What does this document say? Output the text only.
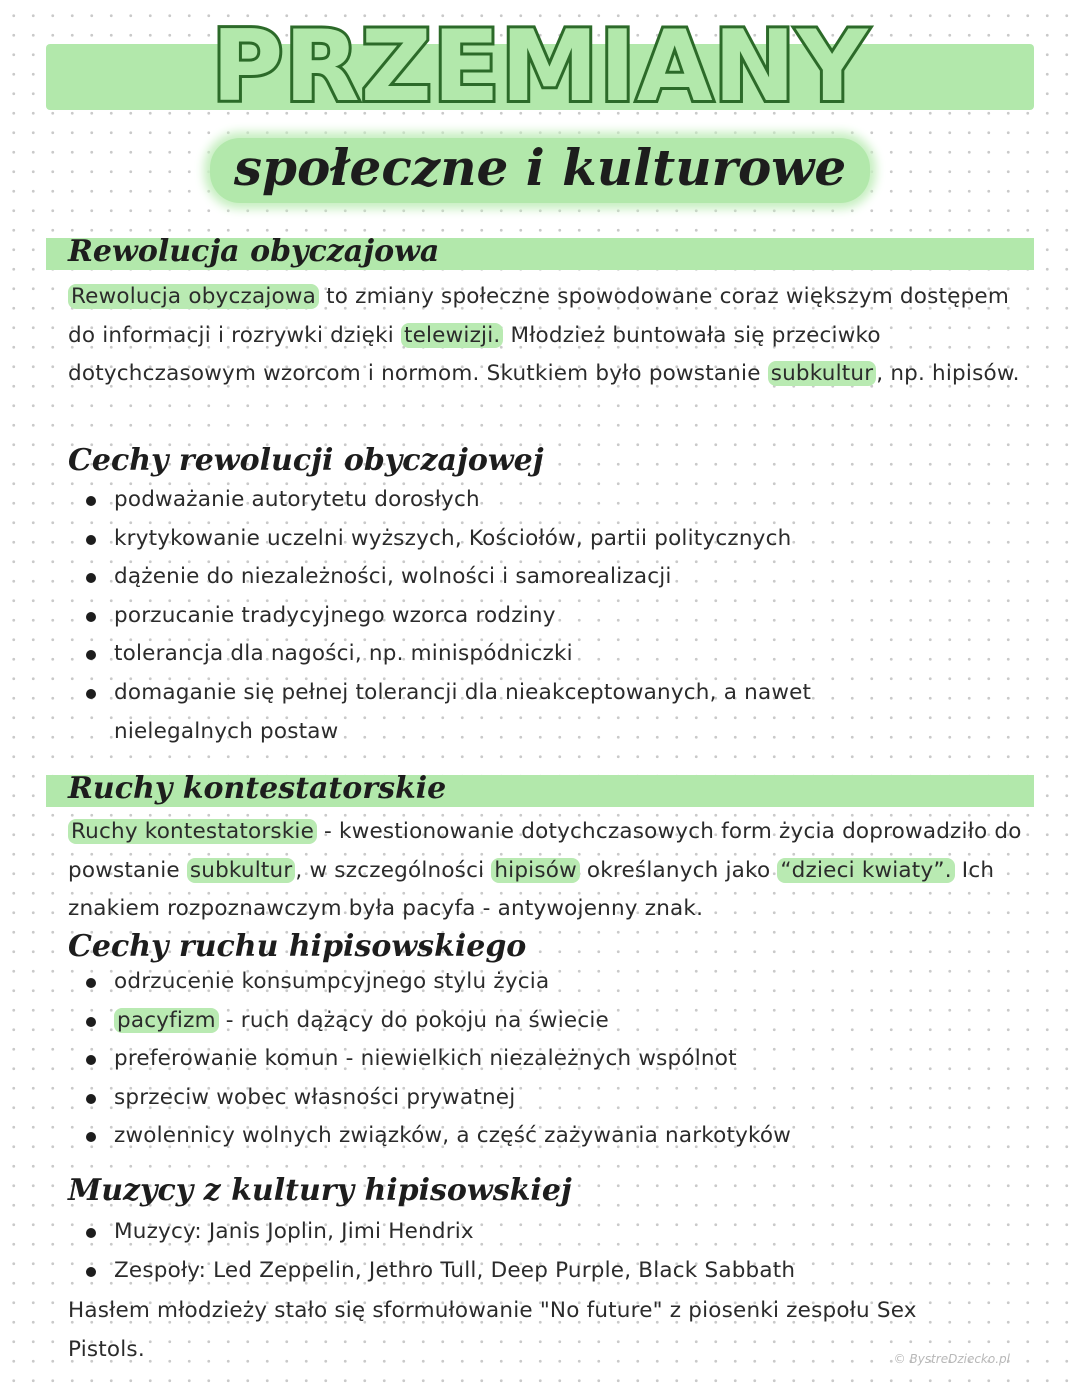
PRZEMIANY
społeczne i kulturowe
Rewolucja obyczajowa

Rewolucja obyczajowa to zmiany społeczne spowodowane coraz większym dostępem do informacji i rozrywki dzięki telewizji. Młodzież buntowała się przeciwko dotychczasowym wzorcom i normom. Skutkiem było powstanie subkultur , np. hipisów.

Cechy rewolucji obyczajowej
podważanie autorytetu dorosłych
krytykowanie uczelni wyższych, Kościołów, partii politycznych
dążenie do niezależności, wolności i samorealizacji
porzucanie tradycyjnego wzorca rodziny
tolerancja dla nagości, np. minispódniczki
domaganie się pełnej tolerancji dla nieakceptowanych, a nawet nielegalnych postaw
Ruchy kontestatorskie

Ruchy kontestatorskie - kwestionowanie dotychczasowych form życia doprowadziło do powstanie subkultur , w szczególności hipisów określanych jako “dzieci kwiaty”. Ich znakiem rozpoznawczym była pacyfa - antywojenny znak.

Cechy ruchu hipisowskiego
odrzucenie konsumpcyjnego stylu życia
pacyfizm - ruch dążący do pokoju na świecie
preferowanie komun - niewielkich niezależnych wspólnot
sprzeciw wobec własności prywatnej
zwolennicy wolnych związków, a część zażywania narkotyków
Muzycy z kultury hipisowskiej
Muzycy: Janis Joplin, Jimi Hendrix
Zespoły: Led Zeppelin, Jethro Tull, Deep Purple, Black Sabbath

Hasłem młodzieży stało się sformułowanie "No future" z piosenki zespołu Sex Pistols.	© BystreDziecko.pl
